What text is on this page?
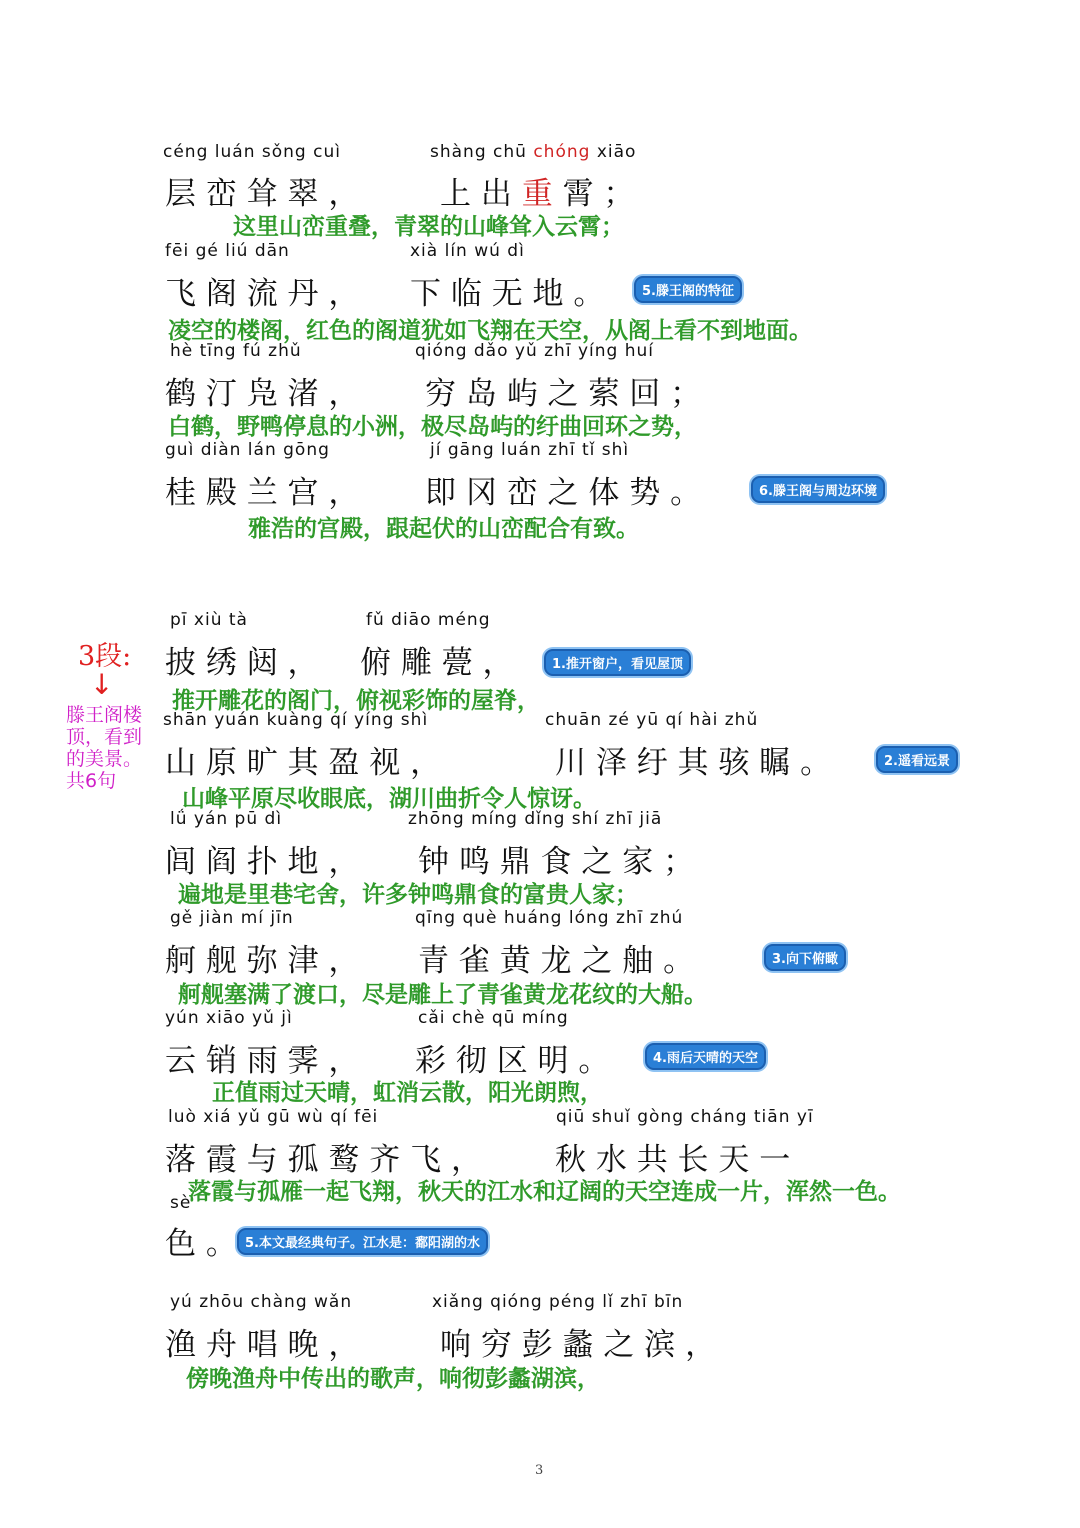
céng luán sǒng cuì	shàng chū chóng xiāo
层 峦 耸 翠 ，	上 出 重 霄 ；
这里山峦重叠，青翠的山峰耸入云霄；
fēi gé liú dān	xià lín wú dì
飞 阁 流 丹 ， 下 临 无 地 。	5.滕王阁的特征
凌空的楼阁，红色的阁道犹如飞翔在天空，从阁上看不到地面。
hè tīng fú zhǔ	qióng dǎo yǔ zhī yíng huí
鹤 汀 凫 渚 ， 穷 岛 屿 之 萦 回 ；
白鹤，野鸭停息的小洲，极尽岛屿的纡曲回环之势，
guì diàn lán gōng	jí gāng luán zhī tǐ shì
桂 殿 兰 宫 ， 即 冈 峦 之 体 势 。	6.滕王阁与周边环境
雅浩的宫殿，跟起伏的山峦配合有致。
3段:
↓
滕王阁楼顶，看到的美景。共6句
pī xiù tà	fǔ diāo méng
披 绣 闼 ， 俯 雕 甍 ，	1.推开窗户，看见屋顶
推开雕花的阁门，俯视彩饰的屋脊，
shān yuán kuàng qí yíng shì	chuān zé yū qí hài zhǔ
山 原 旷 其 盈 视 ，	川 泽 纡 其 骇 瞩 。	2.遥看远景
山峰平原尽收眼底，湖川曲折令人惊讶。
lǘ yán pū dì	zhōng míng dǐng shí zhī jiā
闾 阎 扑 地 ， 钟 鸣 鼎 食 之 家 ；
遍地是里巷宅舍，许多钟鸣鼎食的富贵人家；
gě jiàn mí jīn	qīng què huáng lóng zhī zhú
舸 舰 弥 津 ， 青 雀 黄 龙 之 舳 。	3.向下俯瞰
舸舰塞满了渡口，尽是雕上了青雀黄龙花纹的大船。
yún xiāo yǔ jì	cǎi chè qū míng
云 销 雨 霁 ， 彩 彻 区 明 。	4.雨后天晴的天空
正值雨过天晴，虹消云散，阳光朗煦，
luò xiá yǔ gū wù qí fēi	qiū shuǐ gòng cháng tiān yī
落 霞 与 孤 鹜 齐 飞 ， 秋 水 共 长 天 一
落霞与孤雁一起飞翔，秋天的江水和辽阔的天空连成一片，浑然一色。
sè
色 。 5.本文最经典句子。江水是：鄱阳湖的水
yú zhōu chàng wǎn	xiǎng qióng péng lǐ zhī bīn
渔 舟 唱 晚 ，	响 穷 彭 蠡 之 滨 ，
傍晚渔舟中传出的歌声，响彻彭蠡湖滨，
3
